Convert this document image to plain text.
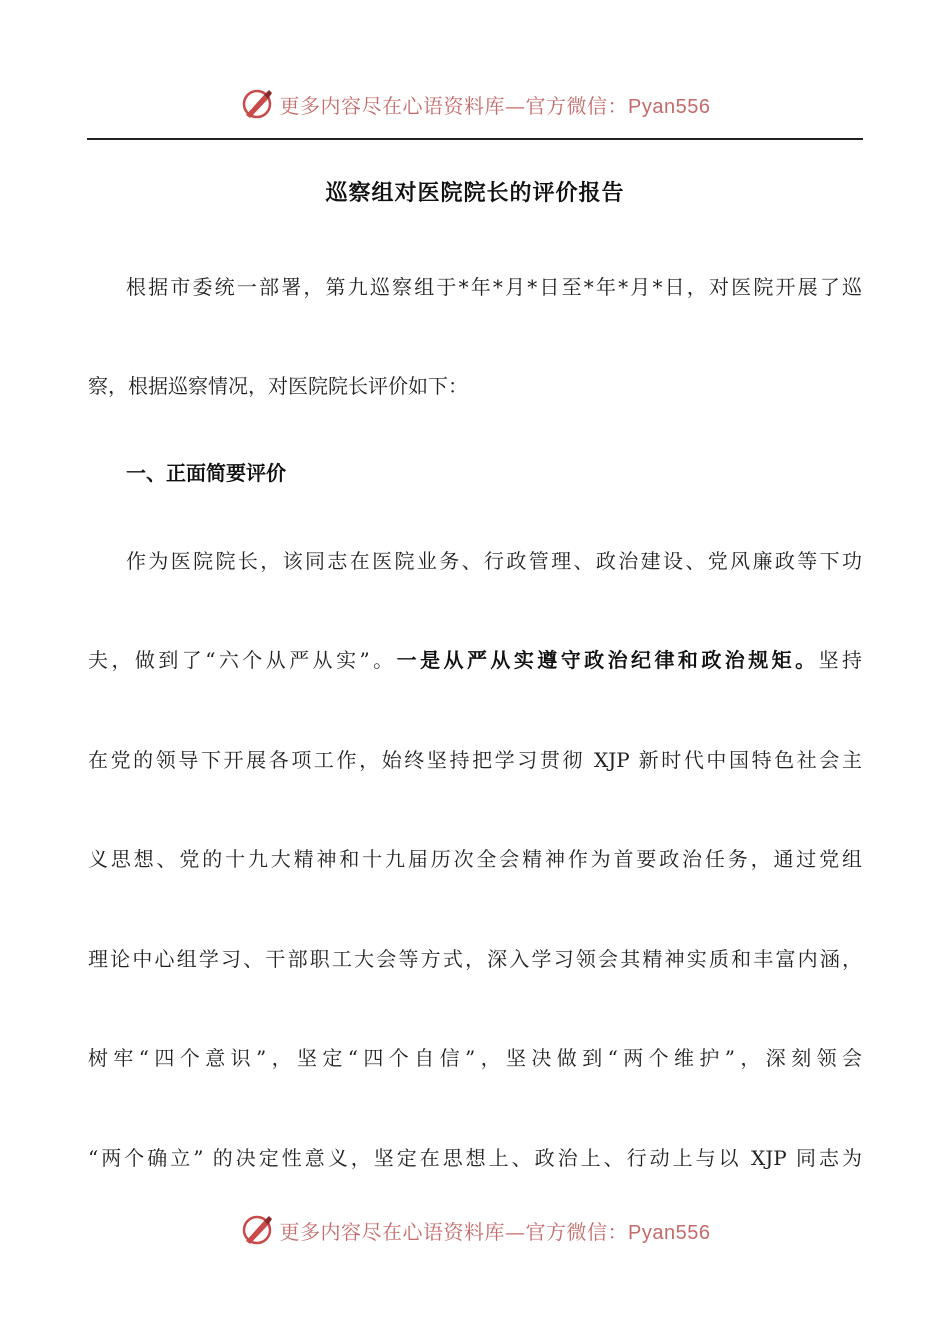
更多内容尽在心语资料库—官方微信：Pyan556
巡察组对医院院长的评价报告
根据市委统一部署，第九巡察组于*年*月*日至*年*月*日，对医院开展了巡
察，根据巡察情况，对医院院长评价如下：
一、正面简要评价
作为医院院长，该同志在医院业务、行政管理、政治建设、党风廉政等下功
夫，做到了“六个从严从实”。一是从严从实遵守政治纪律和政治规矩。坚持
在党的领导下开展各项工作，始终坚持把学习贯彻 XJP 新时代中国特色社会主
义思想、党的十九大精神和十九届历次全会精神作为首要政治任务，通过党组
理论中心组学习、干部职工大会等方式，深入学习领会其精神实质和丰富内涵，
树牢“四个意识”，坚定“四个自信”，坚决做到“两个维护”，深刻领会
“两个确立” 的决定性意义，坚定在思想上、政治上、行动上与以 XJP 同志为
更多内容尽在心语资料库—官方微信：Pyan556
